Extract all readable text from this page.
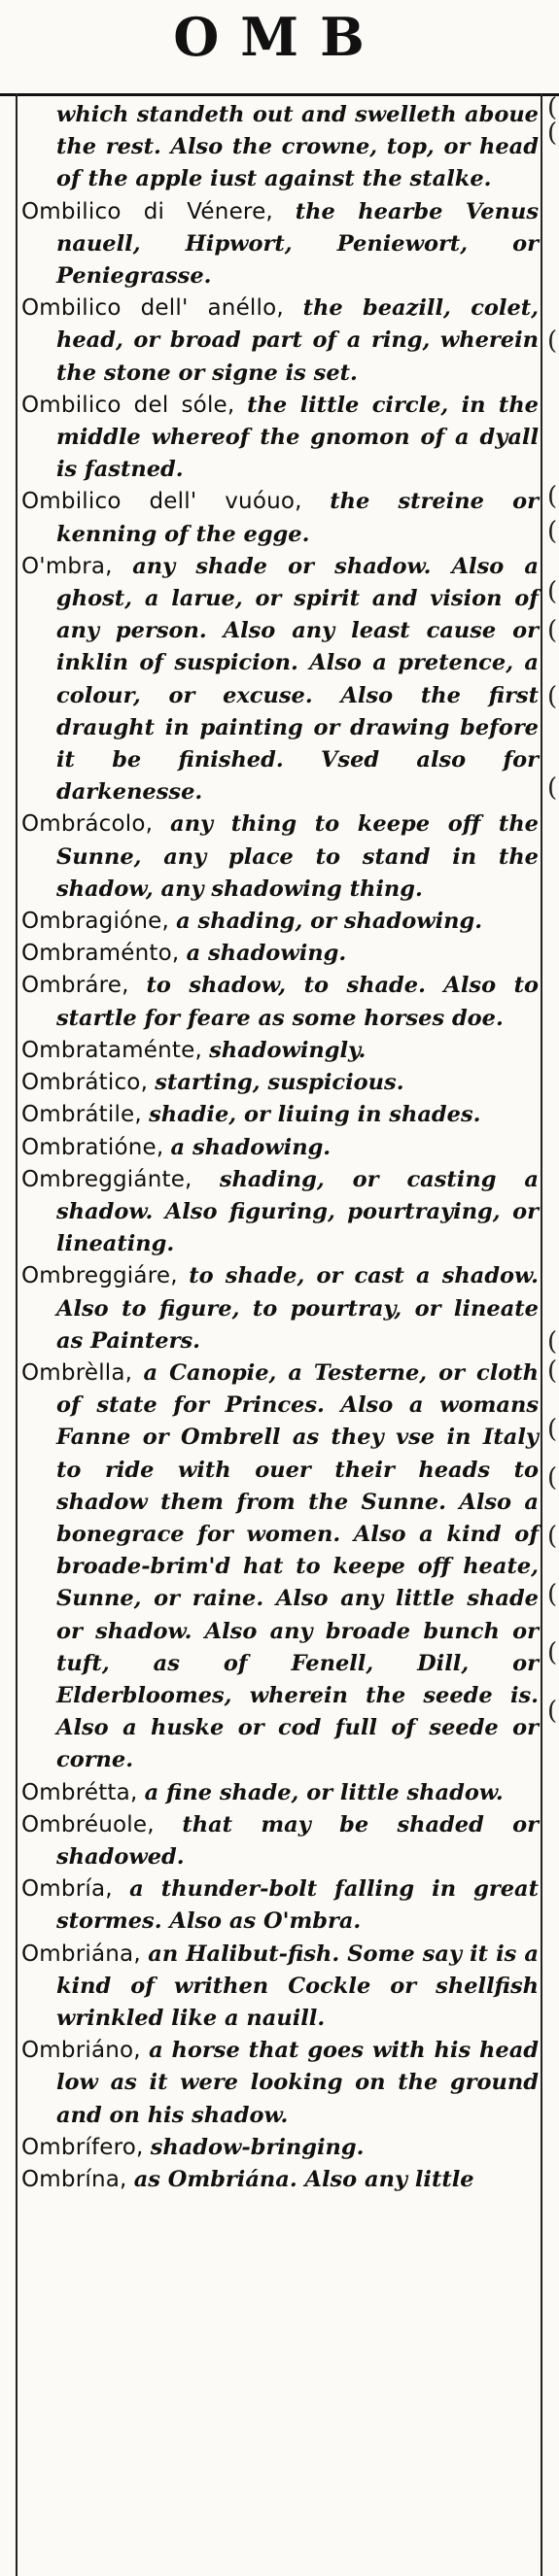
OMB
(
(
(
(
(
(
(
(
(
(
(
(
(
(
(
(
(

which standeth out and swelleth aboue the rest. Also the crowne, top, or head of the apple iust against the stalke.

Ombilico di Vénere, the hearbe Venus nauell, Hipwort, Peniewort, or Peniegrasse.

Ombilico dell' anéllo, the beazill, colet, head, or broad part of a ring, wherein the stone or signe is set.

Ombilico del sóle, the little circle, in the middle whereof the gnomon of a dyall is fastned.

Ombilico dell' vuóuo, the streine or kenning of the egge.

O'mbra, any shade or shadow. Also a ghost, a larue, or spirit and vision of any person. Also any least cause or inklin of suspicion. Also a pretence, a colour, or excuse. Also the first draught in painting or drawing before it be finished. Vsed also for darkenesse.

Ombrácolo, any thing to keepe off the Sunne, any place to stand in the shadow, any shadowing thing.

Ombragióne, a shading, or shadowing.

Ombraménto, a shadowing.

Ombráre, to shadow, to shade. Also to startle for feare as some horses doe.

Ombrataménte, shadowingly.

Ombrático, starting, suspicious.

Ombrátile, shadie, or liuing in shades.

Ombratióne, a shadowing.

Ombreggiánte, shading, or casting a shadow. Also figuring, pourtraying, or lineating.

Ombreggiáre, to shade, or cast a shadow. Also to figure, to pourtray, or lineate as Painters.

Ombrèlla, a Canopie, a Testerne, or cloth of state for Princes. Also a womans Fanne or Ombrell as they vse in Italy to ride with ouer their heads to shadow them from the Sunne. Also a bonegrace for women. Also a kind of broade-brim'd hat to keepe off heate, Sunne, or raine. Also any little shade or shadow. Also any broade bunch or tuft, as of Fenell, Dill, or Elderbloomes, wherein the seede is. Also a huske or cod full of seede or corne.

Ombrétta, a fine shade, or little shadow.

Ombréuole, that may be shaded or shadowed.

Ombría, a thunder-bolt falling in great stormes. Also as O'mbra.

Ombriána, an Halibut-fish. Some say it is a kind of writhen Cockle or shellfish wrinkled like a nauill.

Ombriáno, a horse that goes with his head low as it were looking on the ground and on his shadow.

Ombrífero, shadow-bringing.

Ombrína, as Ombriána. Also any little
